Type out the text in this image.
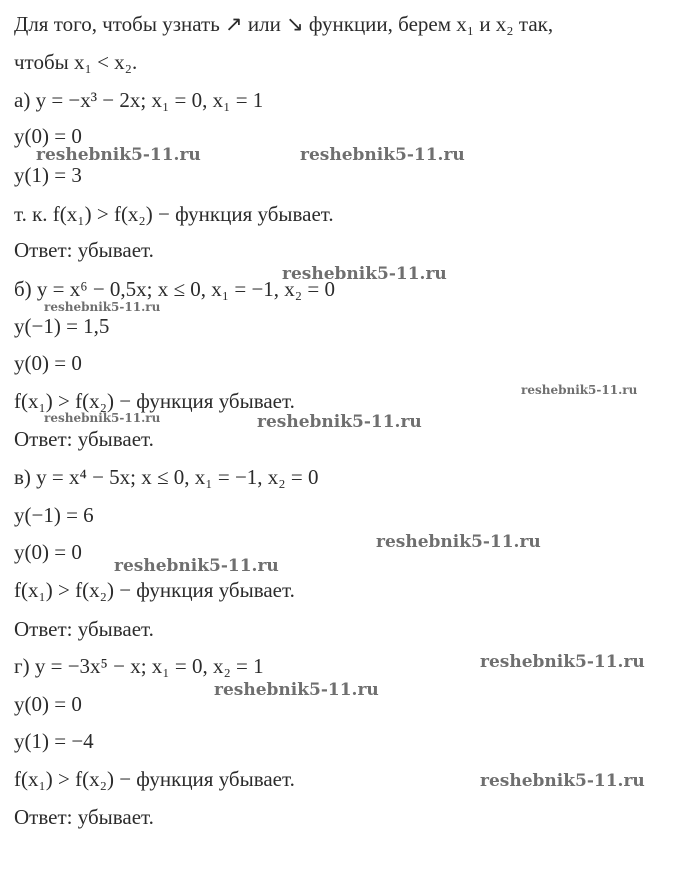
Для того, чтобы узнать ↗ или ↘ функции, берем x₁ и x₂ так,
чтобы x₁ < x₂.
а) y = −x³ − 2x; x₁ = 0, x₁ = 1
y(0) = 0
y(1) = 3
т. к. f(x₁) > f(x₂) − функция убывает.
Ответ: убывает.
б) y = x⁶ − 0,5x; x ≤ 0, x₁ = −1, x₂ = 0
y(−1) = 1,5
y(0) = 0
f(x₁) > f(x₂) − функция убывает.
Ответ: убывает.
в) y = x⁴ − 5x; x ≤ 0, x₁ = −1, x₂ = 0
y(−1) = 6
y(0) = 0
f(x₁) > f(x₂) − функция убывает.
Ответ: убывает.
г) y = −3x⁵ − x; x₁ = 0, x₂ = 1
y(0) = 0
y(1) = −4
f(x₁) > f(x₂) − функция убывает.
Ответ: убывает.
reshebnik5-11.ru	reshebnik5-11.ru
reshebnik5-11.ru
reshebnik5-11.ru
reshebnik5-11.ru
reshebnik5-11.ru	reshebnik5-11.ru
reshebnik5-11.ru
reshebnik5-11.ru
reshebnik5-11.ru
reshebnik5-11.ru
reshebnik5-11.ru
